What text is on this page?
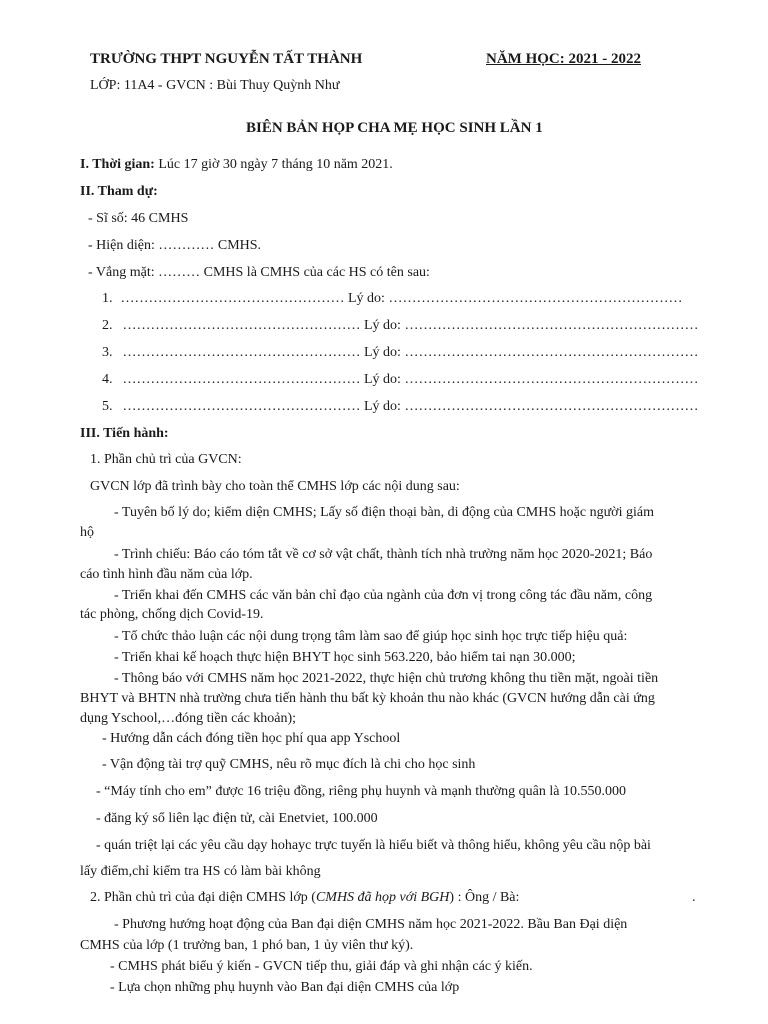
TRƯỜNG THPT NGUYỄN TẤT THÀNH	NĂM HỌC: 2021 - 2022
LỚP: 11A4 - GVCN : Bùi Thuy Quỳnh Như
BIÊN BẢN HỌP CHA MẸ HỌC SINH LẦN 1
I. Thời gian: Lúc 17 giờ 30 ngày 7 tháng 10 năm 2021.
II. Tham dự:
- Sĩ số: 46 CMHS
- Hiện diện: ………… CMHS.
- Vắng mặt: ……… CMHS là CMHS của các HS có tên sau:
1. ………………………………………… Lý do: ………………………………………………………
2. …………………………………………… Lý do: ………………………………………………………
3. …………………………………………… Lý do: ………………………………………………………
4. …………………………………………… Lý do: ………………………………………………………
5. …………………………………………… Lý do: ………………………………………………………
III. Tiến hành:
1. Phần chủ trì của GVCN:
GVCN lớp đã trình bày cho toàn thể CMHS lớp các nội dung sau:
- Tuyên bố lý do; kiểm diện CMHS; Lấy số điện thoại bàn, di động của CMHS hoặc người giám
hộ
- Trình chiếu: Báo cáo tóm tắt về cơ sở vật chất, thành tích nhà trường năm học 2020-2021; Báo
cáo tình hình đầu năm của lớp.
- Triển khai đến CMHS các văn bản chỉ đạo của ngành của đơn vị trong công tác đầu năm, công
tác phòng, chống dịch Covid-19.
- Tổ chức thảo luận các nội dung trọng tâm làm sao để giúp học sinh học trực tiếp hiệu quả:
- Triển khai kế hoạch thực hiện BHYT học sinh 563.220, bảo hiểm tai nạn 30.000;
- Thông báo với CMHS năm học 2021-2022, thực hiện chủ trương không thu tiền mặt, ngoài tiền
BHYT và BHTN nhà trường chưa tiến hành thu bất kỳ khoản thu nào khác (GVCN hướng dẫn cài ứng
dụng Yschool,…đóng tiền các khoản);
- Hướng dẫn cách đóng tiền học phí qua app Yschool
- Vận động tài trợ quỹ CMHS, nêu rõ mục đích là chi cho học sinh
- “Máy tính cho em” được 16 triệu đồng, riêng phụ huynh và mạnh thường quân là 10.550.000
- đăng ký sổ liên lạc điện tử, cài Enetviet, 100.000
- quán triệt lại các yêu cầu dạy hohayc trực tuyến là hiểu biết và thông hiểu, không yêu cầu nộp bài
lấy điểm,chỉ kiểm tra HS có làm bài không
2. Phần chủ trì của đại diện CMHS lớp (CMHS đã họp với BGH) : Ông / Bà:	.
- Phương hướng hoạt động của Ban đại diện CMHS năm học 2021-2022. Bầu Ban Đại diện
CMHS của lớp (1 trưởng ban, 1 phó ban, 1 ủy viên thư ký).
- CMHS phát biểu ý kiến - GVCN tiếp thu, giải đáp và ghi nhận các ý kiến.
- Lựa chọn những phụ huynh vào Ban đại diện CMHS của lớp
